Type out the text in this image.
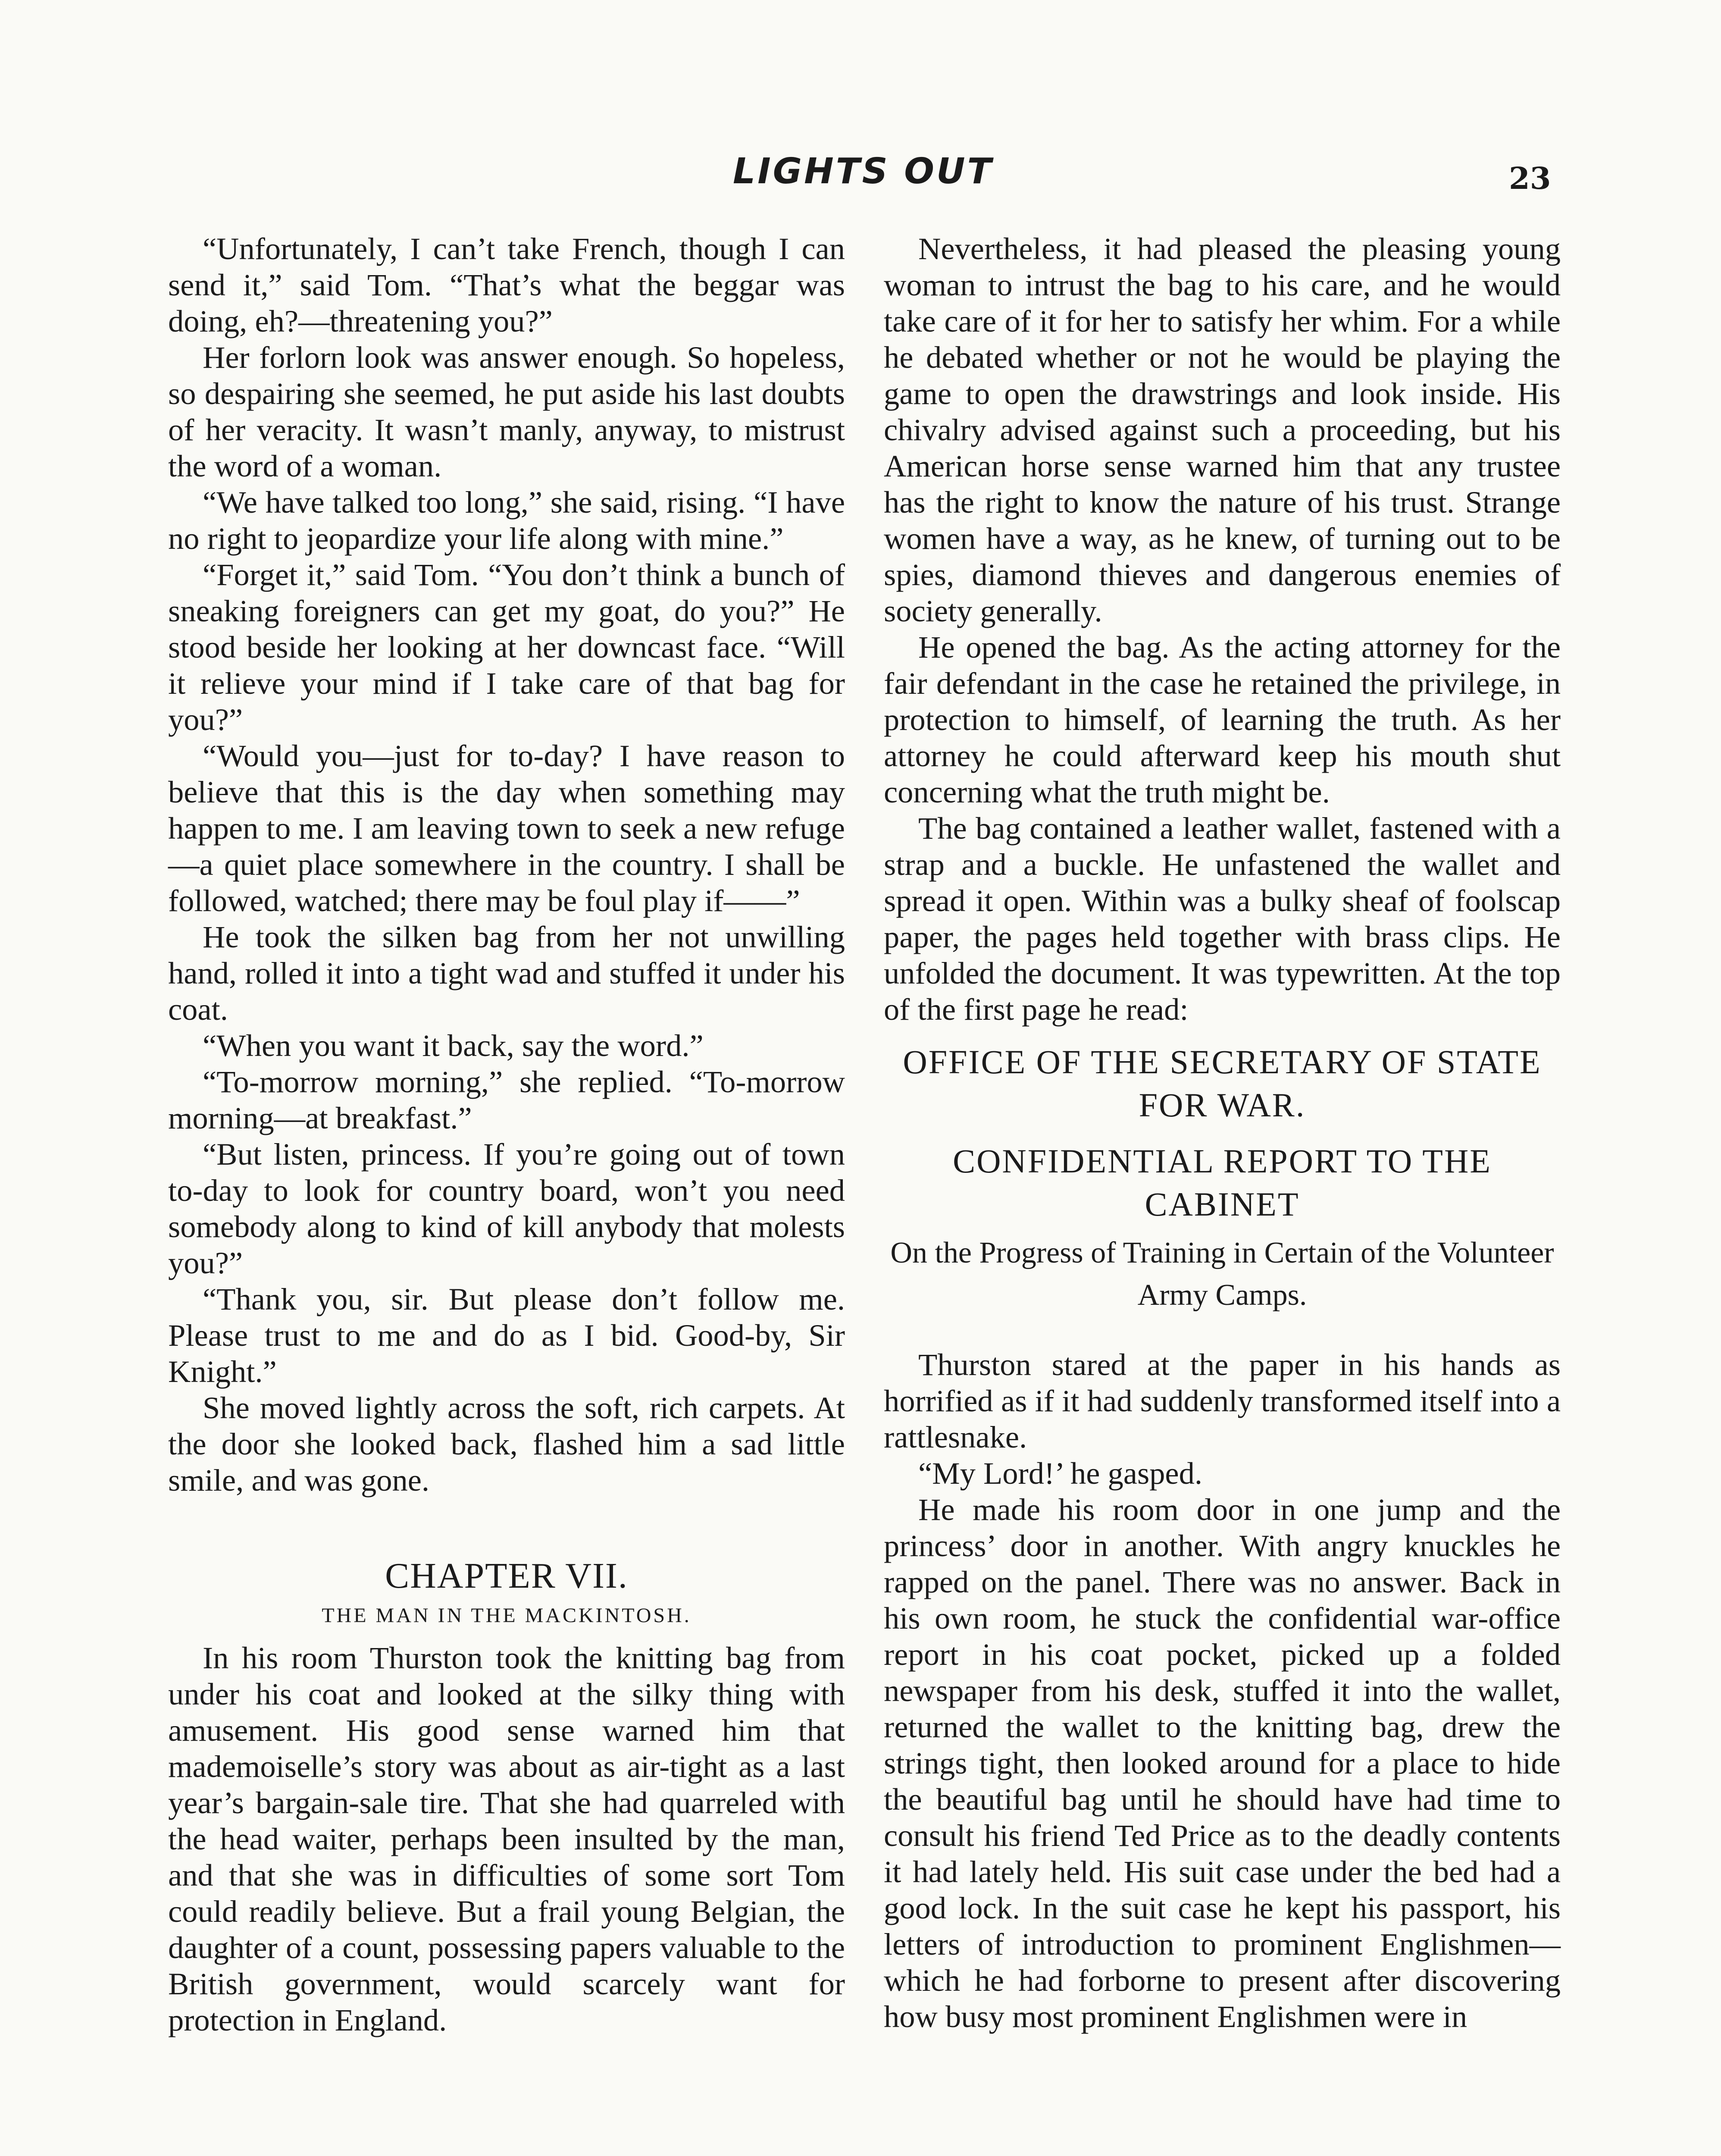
LIGHTS OUT	23

“Unfortunately, I can’t take French, though I can send it,” said Tom. “That’s what the beggar was doing, eh?—threatening you?”

Her forlorn look was answer enough. So hopeless, so despairing she seemed, he put aside his last doubts of her veracity. It wasn’t manly, anyway, to mistrust the word of a woman.

“We have talked too long,” she said, rising. “I have no right to jeopardize your life along with mine.”

“Forget it,” said Tom. “You don’t think a bunch of sneaking foreigners can get my goat, do you?” He stood beside her looking at her downcast face. “Will it relieve your mind if I take care of that bag for you?”

“Would you—just for to-day? I have reason to believe that this is the day when something may happen to me. I am leaving town to seek a new refuge—a quiet place somewhere in the country. I shall be followed, watched; there may be foul play if——”

He took the silken bag from her not unwilling hand, rolled it into a tight wad and stuffed it under his coat.

“When you want it back, say the word.”

“To-morrow morning,” she replied. “To-morrow morning—at breakfast.”

“But listen, princess. If you’re going out of town to-day to look for country board, won’t you need somebody along to kind of kill anybody that molests you?”

“Thank you, sir. But please don’t follow me. Please trust to me and do as I bid. Good-by, Sir Knight.”

She moved lightly across the soft, rich carpets. At the door she looked back, flashed him a sad little smile, and was gone.

CHAPTER VII.
THE MAN IN THE MACKINTOSH.

In his room Thurston took the knitting bag from under his coat and looked at the silky thing with amusement. His good sense warned him that mademoiselle’s story was about as air-tight as a last year’s bargain-sale tire. That she had quarreled with the head waiter, perhaps been insulted by the man, and that she was in difficulties of some sort Tom could readily believe. But a frail young Belgian, the daughter of a count, possessing papers valuable to the British government, would scarcely want for protection in England.

Nevertheless, it had pleased the pleasing young woman to intrust the bag to his care, and he would take care of it for her to satisfy her whim. For a while he debated whether or not he would be playing the game to open the drawstrings and look inside. His chivalry advised against such a proceeding, but his American horse sense warned him that any trustee has the right to know the nature of his trust. Strange women have a way, as he knew, of turning out to be spies, diamond thieves and dangerous enemies of society generally.

He opened the bag. As the acting attorney for the fair defendant in the case he retained the privilege, in protection to himself, of learning the truth. As her attorney he could afterward keep his mouth shut concerning what the truth might be.

The bag contained a leather wallet, fastened with a strap and a buckle. He unfastened the wallet and spread it open. Within was a bulky sheaf of foolscap paper, the pages held together with brass clips. He unfolded the document. It was typewritten. At the top of the first page he read:

OFFICE OF THE SECRETARY OF STATE FOR WAR.
CONFIDENTIAL REPORT TO THE CABINET
On the Progress of Training in Certain of the Volunteer Army Camps.

Thurston stared at the paper in his hands as horrified as if it had suddenly transformed itself into a rattlesnake.

“My Lord!’ he gasped.

He made his room door in one jump and the princess’ door in another. With angry knuckles he rapped on the panel. There was no answer. Back in his own room, he stuck the confidential war-office report in his coat pocket, picked up a folded newspaper from his desk, stuffed it into the wallet, returned the wallet to the knitting bag, drew the strings tight, then looked around for a place to hide the beautiful bag until he should have had time to consult his friend Ted Price as to the deadly contents it had lately held. His suit case under the bed had a good lock. In the suit case he kept his passport, his letters of introduction to prominent Englishmen—which he had forborne to present after discovering how busy most prominent Englishmen were in
